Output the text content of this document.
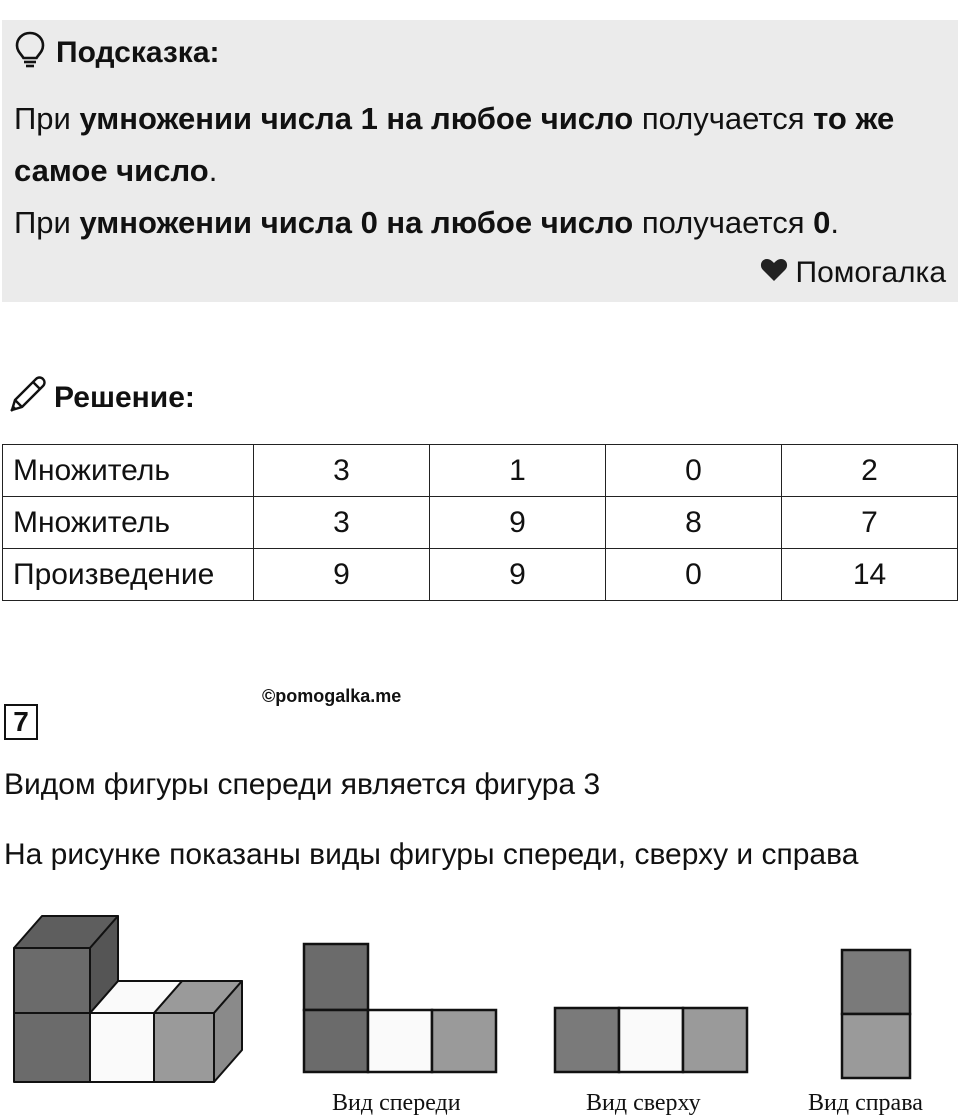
Подсказка:
При умножении числа 1 на любое число получается то же
самое число.
При умножении числа 0 на любое число получается 0.
Помогалка
Решение:
Множитель	3	1	0	2
Множитель	3	9	8	7
Произведение	9	9	0	14
7
©pomogalka.me
Видом фигуры спереди является фигура 3
На рисунке показаны виды фигуры спереди, сверху и справа
Вид спереди	Вид сверху	Вид справа
